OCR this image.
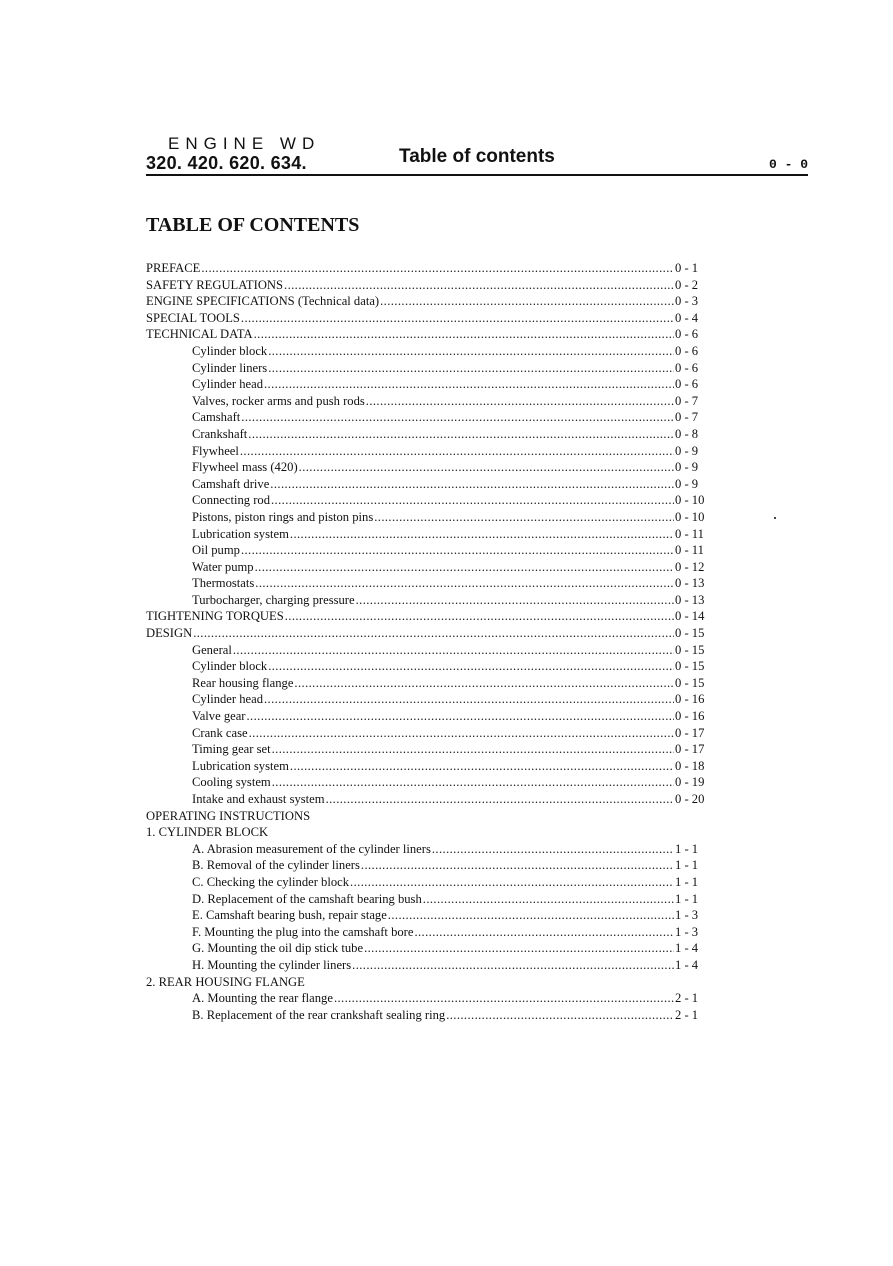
ENGINE WD
320. 420. 620. 634.	Table of contents	0 - 0
TABLE OF CONTENTS
PREFACE .....	0 - 1
SAFETY REGULATIONS .....	0 - 2
ENGINE SPECIFICATIONS (Technical data) .....	0 - 3
SPECIAL TOOLS .....	0 - 4
TECHNICAL DATA .....	0 - 6
Cylinder block .....	0 - 6
Cylinder liners .....	0 - 6
Cylinder head .....	0 - 6
Valves, rocker arms and push rods .....	0 - 7
Camshaft .....	0 - 7
Crankshaft .....	0 - 8
Flywheel .....	0 - 9
Flywheel mass (420) .....	0 - 9
Camshaft drive .....	0 - 9
Connecting rod .....	0 - 10
Pistons, piston rings and piston pins .....	0 - 10
Lubrication system .....	0 - 11
Oil pump .....	0 - 11
Water pump .....	0 - 12
Thermostats .....	0 - 13
Turbocharger, charging pressure .....	0 - 13
TIGHTENING TORQUES .....	0 - 14
DESIGN .....	0 - 15
General .....	0 - 15
Cylinder block .....	0 - 15
Rear housing flange .....	0 - 15
Cylinder head .....	0 - 16
Valve gear .....	0 - 16
Crank case .....	0 - 17
Timing gear set .....	0 - 17
Lubrication system .....	0 - 18
Cooling system .....	0 - 19
Intake and exhaust system .....	0 - 20
OPERATING INSTRUCTIONS
1. CYLINDER BLOCK
A. Abrasion measurement of the cylinder liners .....	1 - 1
B. Removal of the cylinder liners .....	1 - 1
C. Checking the cylinder block .....	1 - 1
D. Replacement of the camshaft bearing bush .....	1 - 1
E. Camshaft bearing bush, repair stage .....	1 - 3
F. Mounting the plug into the camshaft bore .....	1 - 3
G. Mounting the oil dip stick tube .....	1 - 4
H. Mounting the cylinder liners .....	1 - 4
2. REAR HOUSING FLANGE
A. Mounting the rear flange .....	2 - 1
B. Replacement of the rear crankshaft sealing ring .....	2 - 1
